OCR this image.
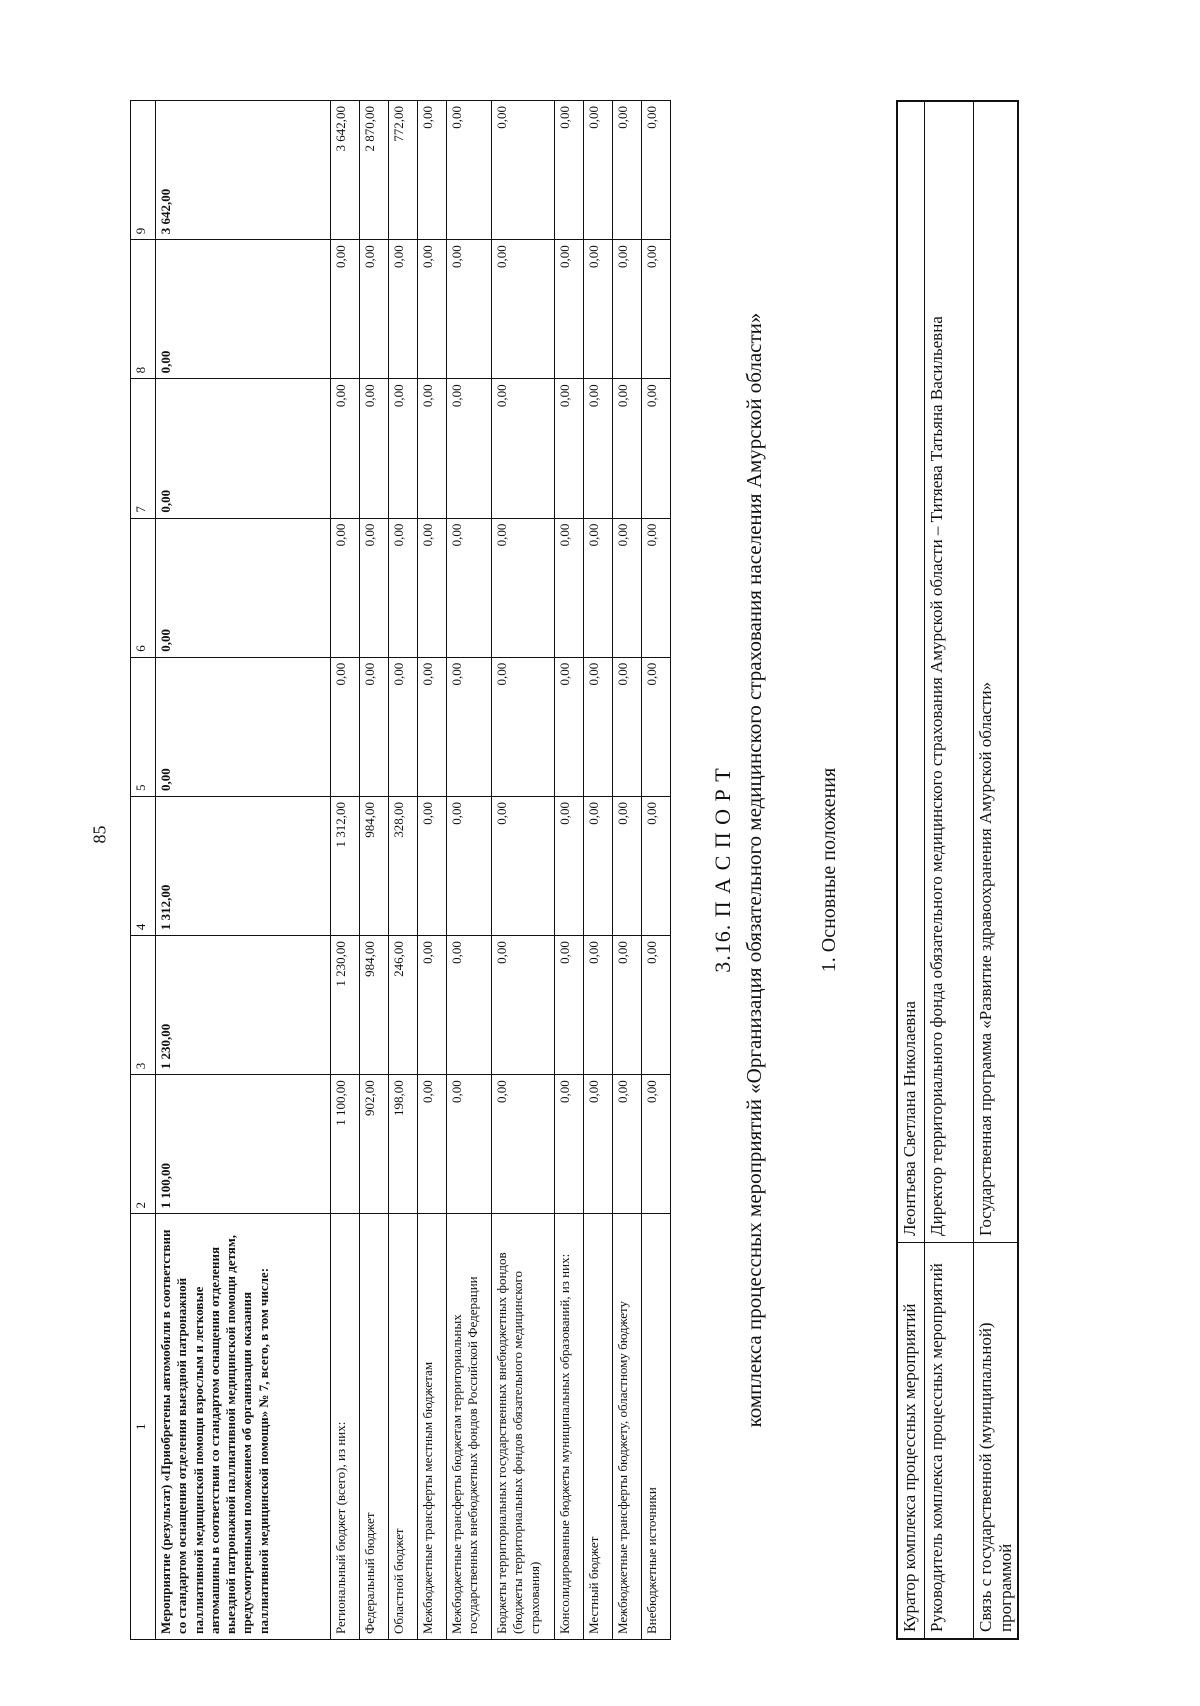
85
1	2	3	4	5	6	7	8	9
Мероприятие (результат) «Приобретены автомобили в соответствии со стандартом оснащения отделения выездной патронажной паллиативной медицинской помощи взрослым и легковые автомашины в соответствии со стандартом оснащения отделения выездной патронажной паллиативной медицинской помощи детям, предусмотренными положением об организации оказания паллиативной медицинской помощи» № 7, всего, в том числе:	1 100,00	1 230,00	1 312,00	0,00	0,00	0,00	0,00	3 642,00
Региональный бюджет (всего), из них:	1 100,00	1 230,00	1 312,00	0,00	0,00	0,00	0,00	3 642,00
Федеральный бюджет	902,00	984,00	984,00	0,00	0,00	0,00	0,00	2 870,00
Областной бюджет	198,00	246,00	328,00	0,00	0,00	0,00	0,00	772,00
Межбюджетные трансферты местным бюджетам	0,00	0,00	0,00	0,00	0,00	0,00	0,00	0,00
Межбюджетные трансферты бюджетам территориальных государственных внебюджетных фондов Российской Федерации	0,00	0,00	0,00	0,00	0,00	0,00	0,00	0,00
Бюджеты территориальных государственных внебюджетных фондов (бюджеты территориальных фондов обязательного медицинского страхования)	0,00	0,00	0,00	0,00	0,00	0,00	0,00	0,00
Консолидированные бюджеты муниципальных образований, из них:	0,00	0,00	0,00	0,00	0,00	0,00	0,00	0,00
Местный бюджет	0,00	0,00	0,00	0,00	0,00	0,00	0,00	0,00
Межбюджетные трансферты бюджету, областному бюджету	0,00	0,00	0,00	0,00	0,00	0,00	0,00	0,00
Внебюджетные источники	0,00	0,00	0,00	0,00	0,00	0,00	0,00	0,00
3.16. П А С П О Р Т комплекса процессных мероприятий «Организация обязательного медицинского страхования населения Амурской области»	1. Основные положения
Куратор комплекса процессных мероприятий	Леонтьева Светлана Николаевна
Руководитель комплекса процессных мероприятий	Директор территориального фонда обязательного медицинского страхования Амурской области – Титяева Татьяна Васильевна
Связь с государственной (муниципальной) программой	Государственная программа «Развитие здравоохранения Амурской области»
